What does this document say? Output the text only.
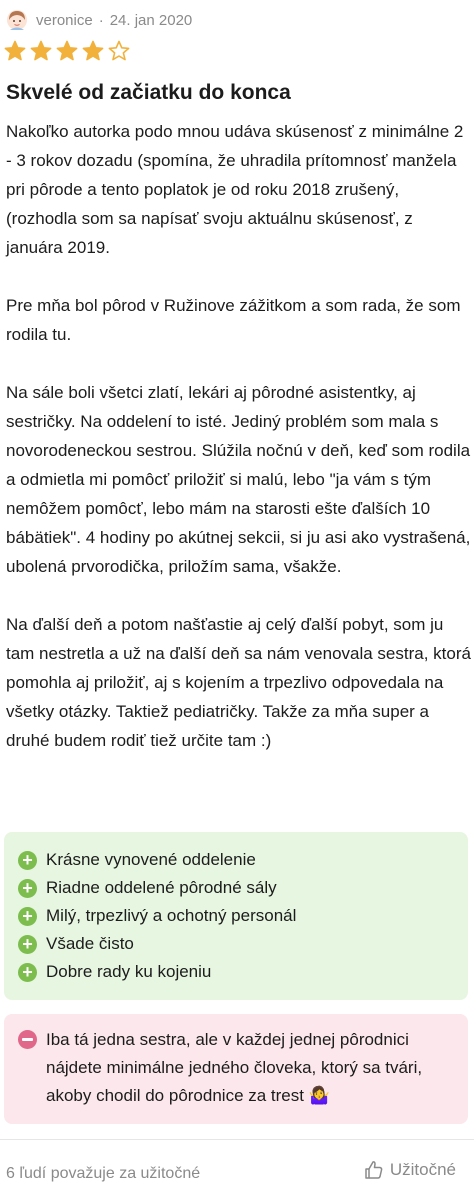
veronice · 24. jan 2020
Skvelé od začiatku do konca

Nakoľko autorka podo mnou udáva skúsenosť z minimálne 2 - 3 rokov dozadu (spomína, že uhradila prítomnosť manžela pri pôrode a tento poplatok je od roku 2018 zrušený, (rozhodla som sa napísať svoju aktuálnu skúsenosť, z januára 2019.

Pre mňa bol pôrod v Ružinove zážitkom a som rada, že som rodila tu.

Na sále boli všetci zlatí, lekári aj pôrodné asistentky, aj sestričky. Na oddelení to isté. Jediný problém som mala s novorodeneckou sestrou. Slúžila nočnú v deň, keď som rodila a odmietla mi pomôcť priložiť si malú, lebo "ja vám s tým nemôžem pomôcť, lebo mám na starosti ešte ďalších 10 bábätiek". 4 hodiny po akútnej sekcii, si ju asi ako vystrašená, ubolená prvorodička, priložím sama, všakže.

Na ďalší deň a potom našťastie aj celý ďalší pobyt, som ju tam nestretla a už na ďalší deň sa nám venovala sestra, ktorá pomohla aj priložiť, aj s kojením a trpezlivo odpovedala na všetky otázky. Taktiež pediatričky. Takže za mňa super a druhé budem rodiť tiež určite tam :)

+ Krásne vynovené oddelenie
+ Riadne oddelené pôrodné sály
+ Milý, trpezlivý a ochotný personál
+ Všade čisto
+ Dobre rady ku kojeniu
Iba tá jedna sestra, ale v každej jednej pôrodnici nájdete minimálne jedného človeka, ktorý sa tvári, akoby chodil do pôrodnice za trest 🤷‍♀️
6 ľudí považuje za užitočné	Užitočné
